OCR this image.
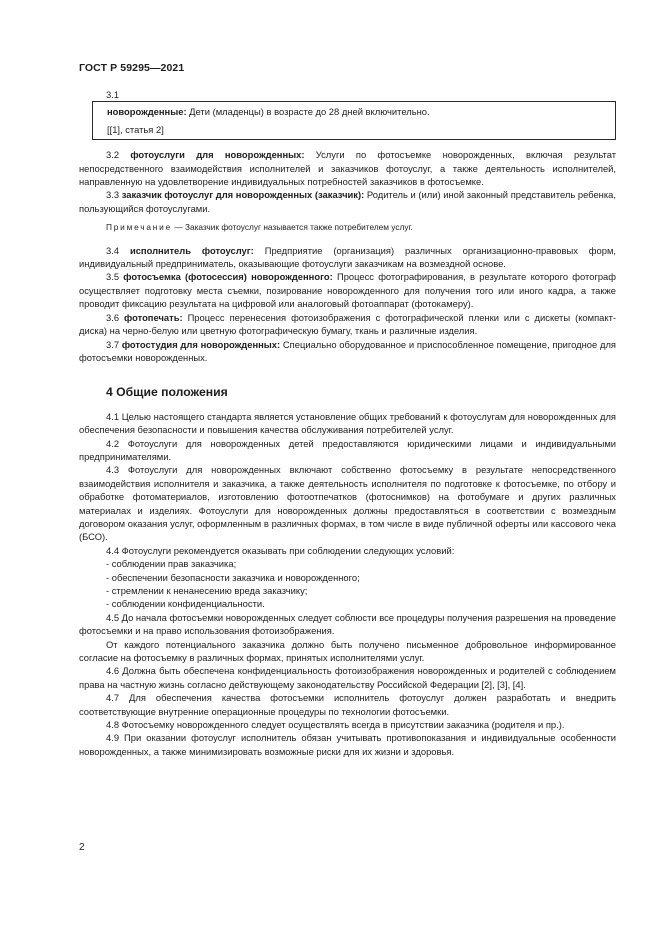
ГОСТ Р 59295—2021

3.1

новорожденные: Дети (младенцы) в возрасте до 28 дней включительно.

[[1], статья 2]

3.2 фотоуслуги для новорожденных: Услуги по фотосъемке новорожденных, включая результат непосредственного взаимодействия исполнителей и заказчиков фотоуслуг, а также деятельность исполнителей, направленную на удовлетворение индивидуальных потребностей заказчиков в фотосъемке.

3.3 заказчик фотоуслуг для новорожденных (заказчик): Родитель и (или) иной законный представитель ребенка, пользующийся фотоуслугами.

Примечание — Заказчик фотоуслуг называется также потребителем услуг.

3.4 исполнитель фотоуслуг: Предприятие (организация) различных организационно-правовых форм, индивидуальный предприниматель, оказывающие фотоуслуги заказчикам на возмездной основе.

3.5 фотосъемка (фотосессия) новорожденного: Процесс фотографирования, в результате которого фотограф осуществляет подготовку места съемки, позирование новорожденного для получения того или иного кадра, а также проводит фиксацию результата на цифровой или аналоговый фотоаппарат (фотокамеру).

3.6 фотопечать: Процесс перенесения фотоизображения с фотографической пленки или с дискеты (компакт-диска) на черно-белую или цветную фотографическую бумагу, ткань и различные изделия.

3.7 фотостудия для новорожденных: Специально оборудованное и приспособленное помещение, пригодное для фотосъемки новорожденных.

4 Общие положения

4.1 Целью настоящего стандарта является установление общих требований к фотоуслугам для новорожденных для обеспечения безопасности и повышения качества обслуживания потребителей услуг.

4.2 Фотоуслуги для новорожденных детей предоставляются юридическими лицами и индивидуальными предпринимателями.

4.3 Фотоуслуги для новорожденных включают собственно фотосъемку в результате непосредственного взаимодействия исполнителя и заказчика, а также деятельность исполнителя по подготовке к фотосъемке, по отбору и обработке фотоматериалов, изготовлению фотоотпечатков (фотоснимков) на фотобумаге и других различных материалах и изделиях. Фотоуслуги для новорожденных должны предоставляться в соответствии с возмездным договором оказания услуг, оформленным в различных формах, в том числе в виде публичной оферты или кассового чека (БСО).

4.4 Фотоуслуги рекомендуется оказывать при соблюдении следующих условий:

- соблюдении прав заказчика;

- обеспечении безопасности заказчика и новорожденного;

- стремлении к ненанесению вреда заказчику;

- соблюдении конфиденциальности.

4.5 До начала фотосъемки новорожденных следует соблюсти все процедуры получения разрешения на проведение фотосъемки и на право использования фотоизображения.

От каждого потенциального заказчика должно быть получено письменное добровольное информированное согласие на фотосъемку в различных формах, принятых исполнителями услуг.

4.6 Должна быть обеспечена конфиденциальность фотоизображения новорожденных и родителей с соблюдением права на частную жизнь согласно действующему законодательству Российской Федерации [2], [3], [4].

4.7 Для обеспечения качества фотосъемки исполнитель фотоуслуг должен разработать и внедрить соответствующие внутренние операционные процедуры по технологии фотосъемки.

4.8 Фотосъемку новорожденного следует осуществлять всегда в присутствии заказчика (родителя и пр.).

4.9 При оказании фотоуслуг исполнитель обязан учитывать противопоказания и индивидуальные особенности новорожденных, а также минимизировать возможные риски для их жизни и здоровья.

2
